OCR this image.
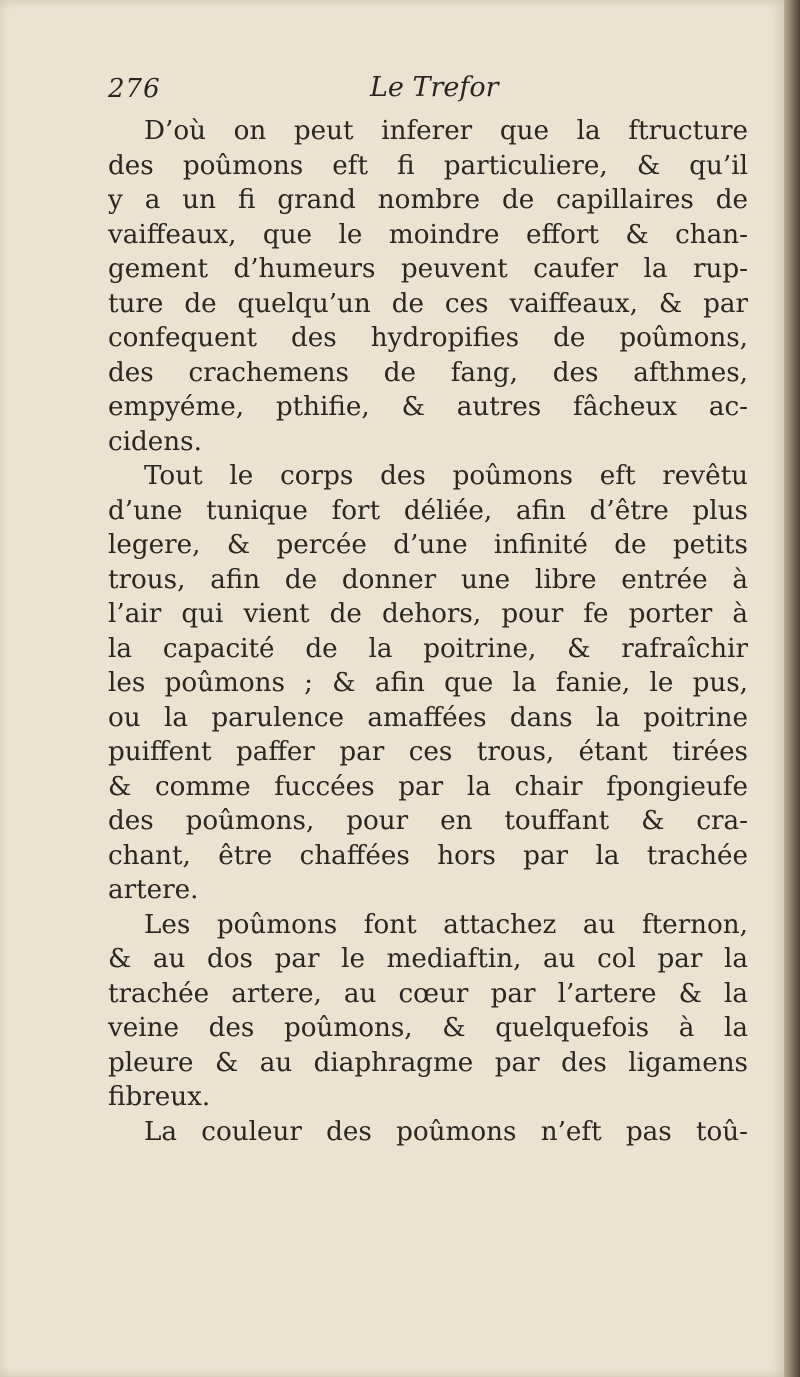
276	Le Trefor
D’où on peut inferer que la ftructure
des poûmons eft fi particuliere, & qu’il
y a un fi grand nombre de capillaires de
vaiffeaux, que le moindre effort & chan-
gement d’humeurs peuvent caufer la rup-
ture de quelqu’un de ces vaiffeaux, & par
confequent des hydropifies de poûmons,
des crachemens de fang, des afthmes,
empyéme, pthifie, & autres fâcheux ac-
cidens.
Tout le corps des poûmons eft revêtu
d’une tunique fort déliée, afin d’être plus
legere, & percée d’une infinité de petits
trous, afin de donner une libre entrée à
l’air qui vient de dehors, pour fe porter à
la capacité de la poitrine, & rafraîchir
les poûmons ; & afin que la fanie, le pus,
ou la parulence amaffées dans la poitrine
puiffent paffer par ces trous, étant tirées
& comme fuccées par la chair fpongieufe
des poûmons, pour en touffant & cra-
chant, être chaffées hors par la trachée
artere.
Les poûmons font attachez au fternon,
& au dos par le mediaftin, au col par la
trachée artere, au cœur par l’artere & la
veine des poûmons, & quelquefois à la
pleure & au diaphragme par des ligamens
fibreux.
La couleur des poûmons n’eft pas toû-
